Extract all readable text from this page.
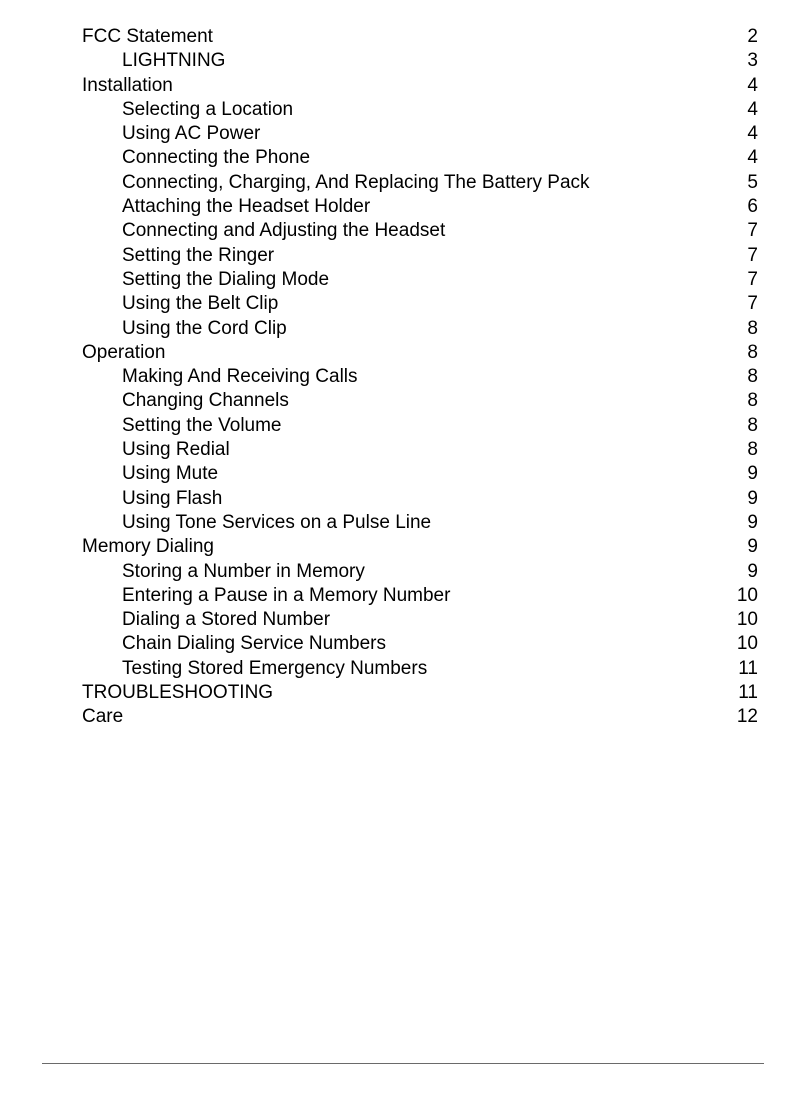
FCC Statement	2
LIGHTNING	3
Installation	4
Selecting a Location	4
Using AC Power	4
Connecting the Phone	4
Connecting, Charging, And Replacing The Battery Pack	5
Attaching the Headset Holder	6
Connecting and Adjusting the Headset	7
Setting the Ringer	7
Setting the Dialing Mode	7
Using the Belt Clip	7
Using the Cord Clip	8
Operation	8
Making And Receiving Calls	8
Changing Channels	8
Setting the Volume	8
Using Redial	8
Using Mute	9
Using Flash	9
Using Tone Services on a Pulse Line	9
Memory Dialing	9
Storing a Number in Memory	9
Entering a Pause in a Memory Number	10
Dialing a Stored Number	10
Chain Dialing Service Numbers	10
Testing Stored Emergency Numbers	11
TROUBLESHOOTING	11
Care	12
